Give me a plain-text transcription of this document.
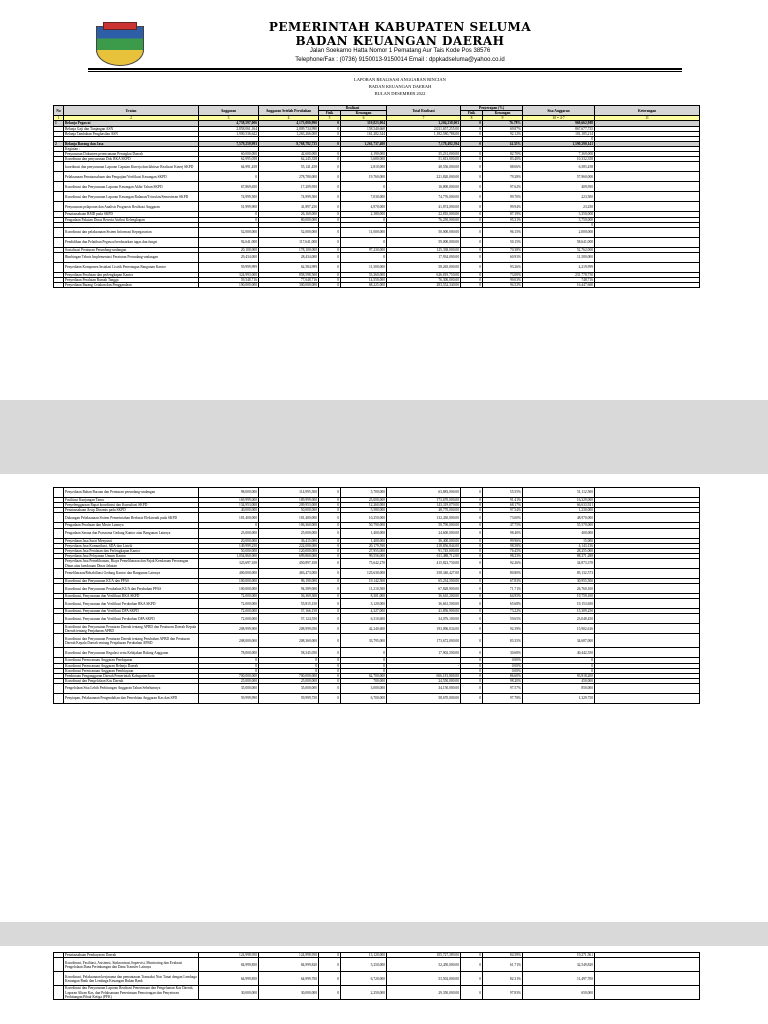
PEMERINTAH KABUPATEN SELUMA
BADAN KEUANGAN DAERAH
Jalan Soekarno Hatta Nomor 1 Pematang Aur Tais Kode Pos 38576
Telephone/Fax : (0736) 9150013-9150014 Email : dppkadseluma@yahoo.co.id
LAPORAN REALISASI ANGGARAN RINCIAN
BADAN KEUANGAN DAERAH
BULAN DESEMBER 2022
No	Uraian	Anggaran	Anggaran Setelah Perubahan	Realisasi		Total Realisasi	Penyerapan (%)		Sisa Anggaran	Keterangan
				Fisik	Keuangan		Fisik	Keuangan		
1	2	3	4	5	6	7	8	9	10 = 4-7	11
1	Belanja Pegawai	4,758,597,006	4,173,000,990	0	319,823,004	3,204,238,003	0	76.78%	969,662,988	
	Belanja Gaji dan Tunjangan ASN	2,858,061,164	2,809,734,990	0	158,540,660	2,021,657,255.00	0	69.87%	867,677,735	
	Belanja Tambahan Penghasilan ASN	1,900,536,642	1,263,266,000	0	161,282,344	1,182,580,786.00	0	92.12%	101,185,214	
									0	
2	Belanja Barang dan Jasa	7,579,259,993	8,768,782,735	0	1,261,737,400	7,178,492,594	0	14.35%	1,590,290,141	
	Kegiatan :									
	Penyusunan Dokumen perencanaan Perangkat Daerah	60,000,000	42,600,000	0	4,190,000	35,231,000.00	0	82.70%	7,369,000	
	Koordinasi dan penyusunan Dok RKA SKPD	62,995,058	62,245,358	0	3,680,000	51,813,000.00	0	83.40%	10,332,358	
	koordinasi dan penyusunan Laporan Capaian Kinerja dan ikhtisar Realisasi Kinerj SKPD	64,991,458	55,141,458	0	2,810,000	48,556,000.00	0	88.06%	6,585,458	
	Pelaksanaan Penatausahaan dan Pengujian/Verifikasi Keuangan SKPD	0	278,780,000	0	19,760,000	221,820,000.00	0	79.28%	57,960,000	
	Koordinasi dan Penyusunan Laporan Keuangan Akhir Tahun SKPD	67,869,650	17,209,950	0	0	16,800,000.00	0	97.62%	409,950	
	Koordinasi dan Penyusunan Laporan Keuangan Bulanan/Triwulan/Semesteran SKPD	74,999,500	74,999,500	0	7,030,000	74,776,000.00	0	99.70%	223,500	
	Penyusunan pelaporan dan Analisis Prognosis Realisasi Anggaran	51,999,900	41,897,250	0	4,970,000	41,874,000.00	0	99.94%	23,250	
	Penatausahaan BMD pada SKPD	0	26,160,000	0	2,180,000	22,810,000.00	0	87.19%	3,350,000	
	Pengadaan Pakaian Dinas Beserta Atribut Kelengkapan	0	80,000,000	0	0	76,250,000.00	0	95.31%	3,750,000	
									0	
	Koordinasi dan pelaksanaan Sistem Informasi Kepegawaian	52,000,000	52,000,000	0	11,000,000	50,000,000.00	0	96.15%	2,000,000	
	Pendidikan dan Pelatihan Pegawai berdasarkan tugas dan fungsi	92,641,000	117,641,000	0	0	59,000,000.00	0	50.15%	58,641,000	
	Sosialisasi Peraturan Perundang-undangan	20,100,000	178,100,000	0	97,230,000	125,338,000.00	0	70.38%	52,762,000	
	Bimbingan Teknis Implementasi Peraturan Perundang-undangan	29,434,000	28,434,000	0	0	17,934,000.00	0	60.93%	11,500,000	
	Penyediaan Komponen Instalasi Listrik Penerangan Bangunan Kantor	59,999,999	62,584,999	0	11,500,000	58,265,000.00	0	93.26%	4,219,999	
	Penyediaan Peralatan dan perlengkapan Kantor	324,993,000	858,598,500	0	53,360,000	626,819,750.00	0	73.00%	231,778,750	
	Penyediaan Peralatan Rumah Tangga	59,548,716	77,048,716	0	14,550,000	76,300,000.00	0	99.03%	748,716	
	Penyediaan Barang Cetakan dan Penggandaan	100,000,000	300,000,000	0	68,225,000	283,552,340.00	0	94.52%	16,447,660	
	Penyediaan Bahan Bacaan dan Peraturan perundang-undangan	98,000,000	114,995,500	0	5,700,000	63,883,000.00	0	55.55%	51,112,500	
	Fasilitasi Kunjungan Tamu	169,999,000	189,999,000	0	25,000,000	173,670,000.00	0	91.41%	16,329,000	
	Penyelenggaraan Rapat koordinasi dan Konsultasi SKPD	134,953,000	209,953,000	0	12,260,000	143,319,079.00	0	68.17%	66,633,921	
	Penatausahaan Arsip Dinamis pada SKPD	40,000,000	50,000,000	0	5,580,000	48,770,000.00	0	97.54%	1,230,000	
	Dukungan Pelaksanaan Sistem Pemerintahan Berbasis Elektronik pada SKPD	181,400,000	181,400,000	0	10,250,000	132,430,000.00	0	73.00%	48,970,000	
	Pengadaan Peralatan dan Mesin Lainnya	0	106,360,000	0	50,790,000	50,790,000.00	0	47.75%	55,570,000	
	Pengadaan Sarana dan Prasarana Gedung Kantor atau Bangunan Lainnya	25,000,000	25,000,000	0	1,400,000	24,600,000.00	0	98.40%	400,000	
	Penyediaan Jasa Surat Menyurat	20,000,000	36,415,000	0	1,400,000	36,400,000.00	0	99.96%	15,000	
	Penyediaan Jasa Komunikasi, SDA dan Listrik	149,999,250	222,000,000	0	20,179,590	218,856,844.00	0	98.58%	4,143,156	
	Penyediaan Jasa Peralatan dan Perlengkapan Kantor	50,000,000	120,000,000	0	27,955,000	91,745,000.00	0	76.45%	28,255,000	
	Penyediaan Jasa Pelayanan Umum Kantor	1,054,860,000	699,860,000	0	99,556,000	611,488,712.00	0	98.23%	88,371,288	
	Penyediaan Jasa Pemeliharaan, Biaya Pemeliharaan dan Pajak Kendaraan Perorangan Dinas atau kendaraan Dinas Jabatan	325,697,108	450,897,108	0	75,642,270	415,823,730.00	0	92.26%	34,873,378	
	Pemeliharaan/Rehabilitasi Gedung Kantor dan Bangunan Lainnya	400,000,000	463,473,000	0	125,630,000	358,340,427.00	0	80.80%	85,132,573	
	Koordinasi dan Penyusunan KUA dan PPAS	100,000,000	96,190,000	0	19,142,500	65,234,500.00	0	67.83%	30,955,500	
	Koordinasi dan Penyusunan Perubahan KUA dan Perubahan PPAS	100,000,000	94,589,000	0	11,210,500	67,828,900.00	0	71.71%	26,760,100	
	Koordinasi, Penyusunan dan Verifikasi RKA SKPD	72,000,000	56,369,300	0	8,301,000	36,610,200.00	0	64.95%	19,759,100	
	Koordinasi, Penyusunan dan Verifikasi Perubahan RKA SKPD	72,000,000	55,815,150	0	3,120,000	36,661,500.00	0	65.68%	19,153,650	
	Koordinasi, Penyusunan dan Verifikasi DPA SKPD	72,000,000	57,166,150	0	4,327,000	41,856,900.00	0	73.22%	15,309,250	
	Koordinasi, Penyusunan dan Verifikasi Perubahan DPA SKPD	72,000,000	57,124,550	0	6,310,600	34,076,100.00	0	59.65%	23,048,450	
	Koordinasi dan Penyusunan Peraturan Daerah tentang APBD dan Peraturan Daerah Kepala Daerah tentang Penjabaran APBD	208,999,900	208,999,050	0	42,240,600	193,096,034.00	0	92.39%	15,902,616	
	Koordinasi dan Penyusunan Peraturan Daerah tentang Perubahan APBD dan Peraturan Daerah Kepala Daerah tentang Penjabaran Perubahan APBD	208,000,000	208,360,000	0	33,795,000	173,672,000.00	0	83.35%	34,687,000	
	Koordinasi dan Penyusunan Regulasi serta Kebijakan Bidang Anggaran	78,000,000	58,345,050	0	0	17,902,500.00	0	30.68%	40,442,550	
	Koordinasi Perencanaan Anggaran Pendapatan	0	0	0	0		0	0.00%	0	
	Koordinasi Perencanaan Anggaran Belanja Daerah	0	0	0	0	-	0	0.00%	0	
	Koordinasi Perencanaan Anggaran Pembiayaan	0	0	0	0		0	0.00%	0	
	Pembinaan Penganggaran Daerah Pemerintah Kabupaten/kota	700,000,000	700,000,000	0	62,700,000	606,181,800.00	0	86.60%	93,818,200	
	Koordinasi dan Pengelolaan Kas Daerah	25,000,000	25,000,000	0	700,000	24,550,000.00	0	98.20%	450,000	
	Pengelolaan Sisa Lebih Perhitungan Anggaran Tahun Sebelumnya	35,000,000	35,000,000	0	3,000,000	34,150,000.00	0	97.57%	850,000	
	Penyiapan, Pelaksanaan Pengendalian dan Penerbitan Anggaran Kas dan SPD	59,999,990	59,999,750	0	6,700,000	58,670,000.00	0	97.78%	1,329,750	
	Penatausahaan Pembayaran Daerah	124,998,950	124,998,950	0	13,120,000	105,727,389.00	0	84.58%	19,271,561	
	Koordinasi, Fasilitasi, Asistensi, Sinkronisasi,Supervisi, Monitoring dan Evaluasi Pengelolaan Dana Perimbangan dan Dana Transfer Lainnya	84,999,850	84,999,820	0	5,250,000	52,450,000.00	0	61.71%	32,549,820	
	Koordinasi, Pelaksanaan kerjasama dan pemantauan Transaksi Non Tunai dengan Lembaga Keuangan Bank dan Lembaga Keuangan Bukan Bank	64,999,850	64,999,700	0	6,720,000	53,502,000.00	0	82.31%	11,497,700	
	Koordinasi dan Penyusunan Laporan Realisasi Penerimaan dan Pengeluaran Kas Daerah, Laporan Aliran Kas, dan Pelaksanaan Penerimaan Pemotongan dan Penyetoran Perhitungan Pihak Ketiga (PFK)	30,000,000	30,000,000	0	2,250,000	29,350,000.00	0	97.83%	650,000	
